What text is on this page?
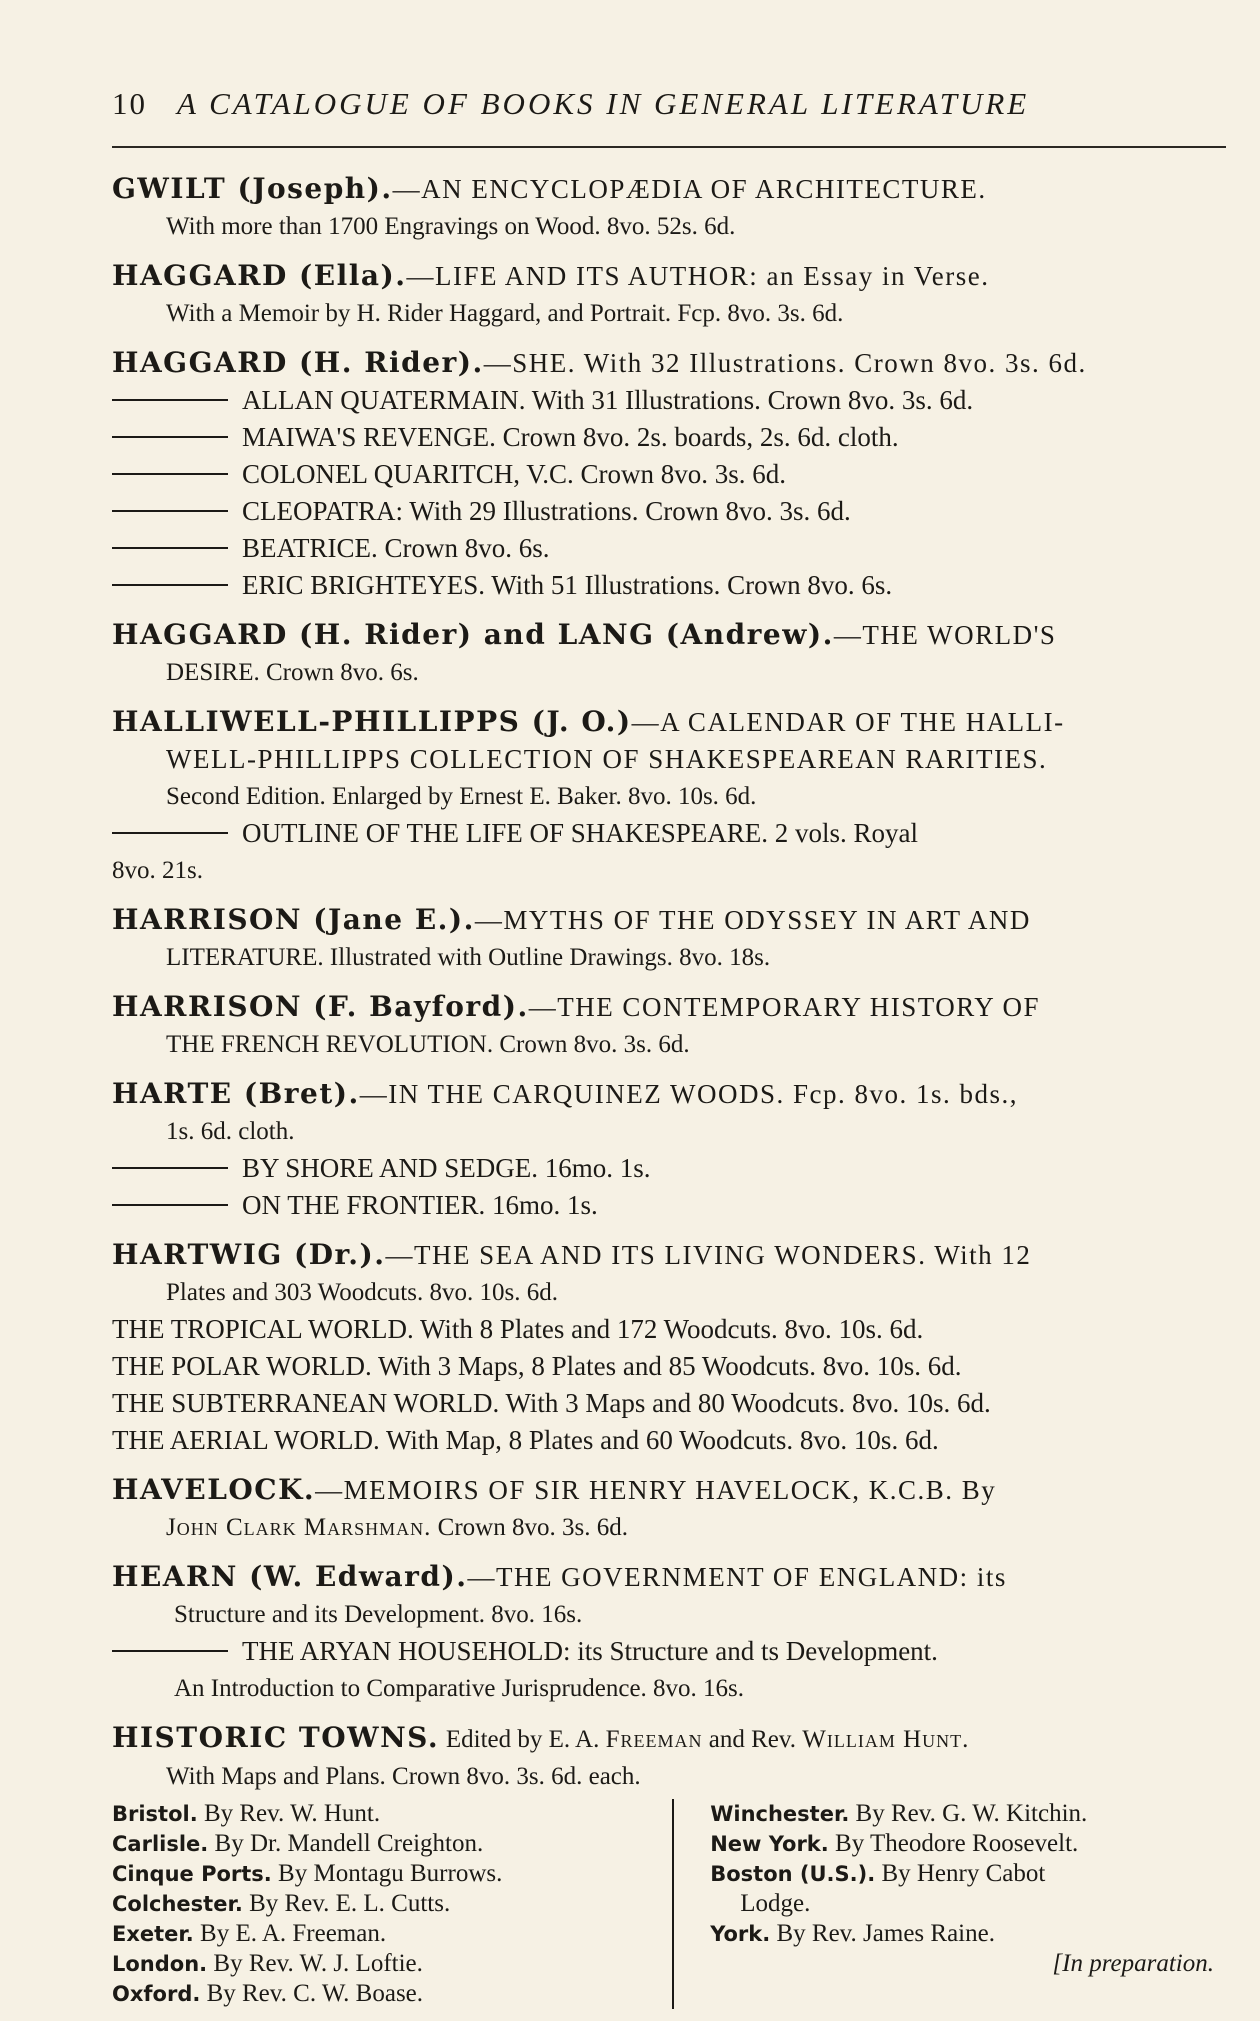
10 A CATALOGUE OF BOOKS IN GENERAL LITERATURE
GWILT (Joseph).—AN ENCYCLOPÆDIA OF ARCHITECTURE.
With more than 1700 Engravings on Wood. 8vo. 52s. 6d.
HAGGARD (Ella).—LIFE AND ITS AUTHOR: an Essay in Verse.
With a Memoir by H. Rider Haggard, and Portrait. Fcp. 8vo. 3s. 6d.
HAGGARD (H. Rider).—SHE. With 32 Illustrations. Crown 8vo. 3s. 6d.
ALLAN QUATERMAIN. With 31 Illustrations. Crown 8vo. 3s. 6d.
MAIWA'S REVENGE. Crown 8vo. 2s. boards, 2s. 6d. cloth.
COLONEL QUARITCH, V.C. Crown 8vo. 3s. 6d.
CLEOPATRA: With 29 Illustrations. Crown 8vo. 3s. 6d.
BEATRICE. Crown 8vo. 6s.
ERIC BRIGHTEYES. With 51 Illustrations. Crown 8vo. 6s.
HAGGARD (H. Rider) and LANG (Andrew).—THE WORLD'S
DESIRE. Crown 8vo. 6s.
HALLIWELL-PHILLIPPS (J. O.)—A CALENDAR OF THE HALLI-
WELL-PHILLIPPS COLLECTION OF SHAKESPEAREAN RARITIES.
Second Edition. Enlarged by Ernest E. Baker. 8vo. 10s. 6d.
OUTLINE OF THE LIFE OF SHAKESPEARE. 2 vols. Royal
8vo. 21s.
HARRISON (Jane E.).—MYTHS OF THE ODYSSEY IN ART AND
LITERATURE. Illustrated with Outline Drawings. 8vo. 18s.
HARRISON (F. Bayford).—THE CONTEMPORARY HISTORY OF
THE FRENCH REVOLUTION. Crown 8vo. 3s. 6d.
HARTE (Bret).—IN THE CARQUINEZ WOODS. Fcp. 8vo. 1s. bds.,
1s. 6d. cloth.
BY SHORE AND SEDGE. 16mo. 1s.
ON THE FRONTIER. 16mo. 1s.
HARTWIG (Dr.).—THE SEA AND ITS LIVING WONDERS. With 12
Plates and 303 Woodcuts. 8vo. 10s. 6d.
THE TROPICAL WORLD. With 8 Plates and 172 Woodcuts. 8vo. 10s. 6d.
THE POLAR WORLD. With 3 Maps, 8 Plates and 85 Woodcuts. 8vo. 10s. 6d.
THE SUBTERRANEAN WORLD. With 3 Maps and 80 Woodcuts. 8vo. 10s. 6d.
THE AERIAL WORLD. With Map, 8 Plates and 60 Woodcuts. 8vo. 10s. 6d.
HAVELOCK.—MEMOIRS OF SIR HENRY HAVELOCK, K.C.B. By
John Clark Marshman. Crown 8vo. 3s. 6d.
HEARN (W. Edward).—THE GOVERNMENT OF ENGLAND: its
Structure and its Development. 8vo. 16s.
THE ARYAN HOUSEHOLD: its Structure and ts Development.
An Introduction to Comparative Jurisprudence. 8vo. 16s.
HISTORIC TOWNS. Edited by E. A. Freeman and Rev. William Hunt.
With Maps and Plans. Crown 8vo. 3s. 6d. each.
Bristol. By Rev. W. Hunt.
Carlisle. By Dr. Mandell Creighton.
Cinque Ports. By Montagu Burrows.
Colchester. By Rev. E. L. Cutts.
Exeter. By E. A. Freeman.
London. By Rev. W. J. Loftie.
Oxford. By Rev. C. W. Boase.
Winchester. By Rev. G. W. Kitchin.
New York. By Theodore Roosevelt.
Boston (U.S.). By Henry Cabot
Lodge.
York. By Rev. James Raine.
[In preparation.
